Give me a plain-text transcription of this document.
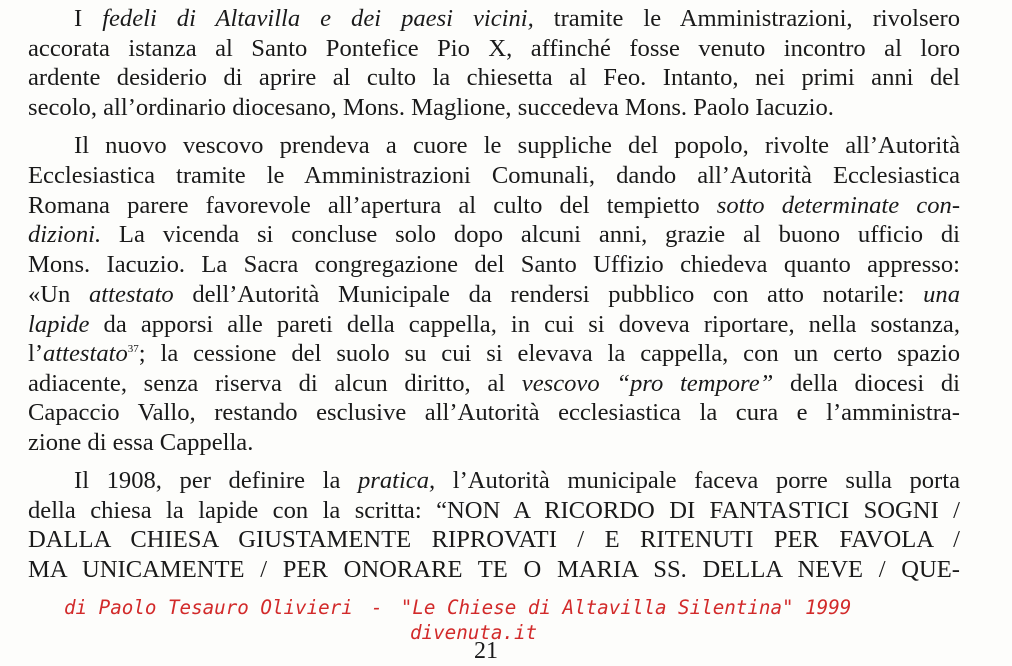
I fedeli di Altavilla e dei paesi vicini, tramite le Amministrazioni, rivolsero
accorata istanza al Santo Pontefice Pio X, affinché fosse venuto incontro al loro
ardente desiderio di aprire al culto la chiesetta al Feo. Intanto, nei primi anni del
secolo, all’ordinario diocesano, Mons. Maglione, succedeva Mons. Paolo Iacuzio.
Il nuovo vescovo prendeva a cuore le suppliche del popolo, rivolte all’Autorità
Ecclesiastica tramite le Amministrazioni Comunali, dando all’Autorità Ecclesiastica
Romana parere favorevole all’apertura al culto del tempietto sotto determinate con-
dizioni. La vicenda si concluse solo dopo alcuni anni, grazie al buono ufficio di
Mons. Iacuzio. La Sacra congregazione del Santo Uffizio chiedeva quanto appresso:
«Un attestato dell’Autorità Municipale da rendersi pubblico con atto notarile: una
lapide da apporsi alle pareti della cappella, in cui si doveva riportare, nella sostanza,
l’attestato$^{37}$; la cessione del suolo su cui si elevava la cappella, con un certo spazio
adiacente, senza riserva di alcun diritto, al vescovo “pro tempore” della diocesi di
Capaccio Vallo, restando esclusive all’Autorità ecclesiastica la cura e l’amministra-
zione di essa Cappella.
Il 1908, per definire la pratica, l’Autorità municipale faceva porre sulla porta
della chiesa la lapide con la scritta: “NON A RICORDO DI FANTASTICI SOGNI /
DALLA CHIESA GIUSTAMENTE RIPROVATI / E RITENUTI PER FAVOLA /
MA UNICAMENTE / PER ONORARE TE O MARIA SS. DELLA NEVE / QUE-
di Paolo Tesauro Olivieri - "Le Chiese di Altavilla Silentina" 1999
divenuta.it
21
